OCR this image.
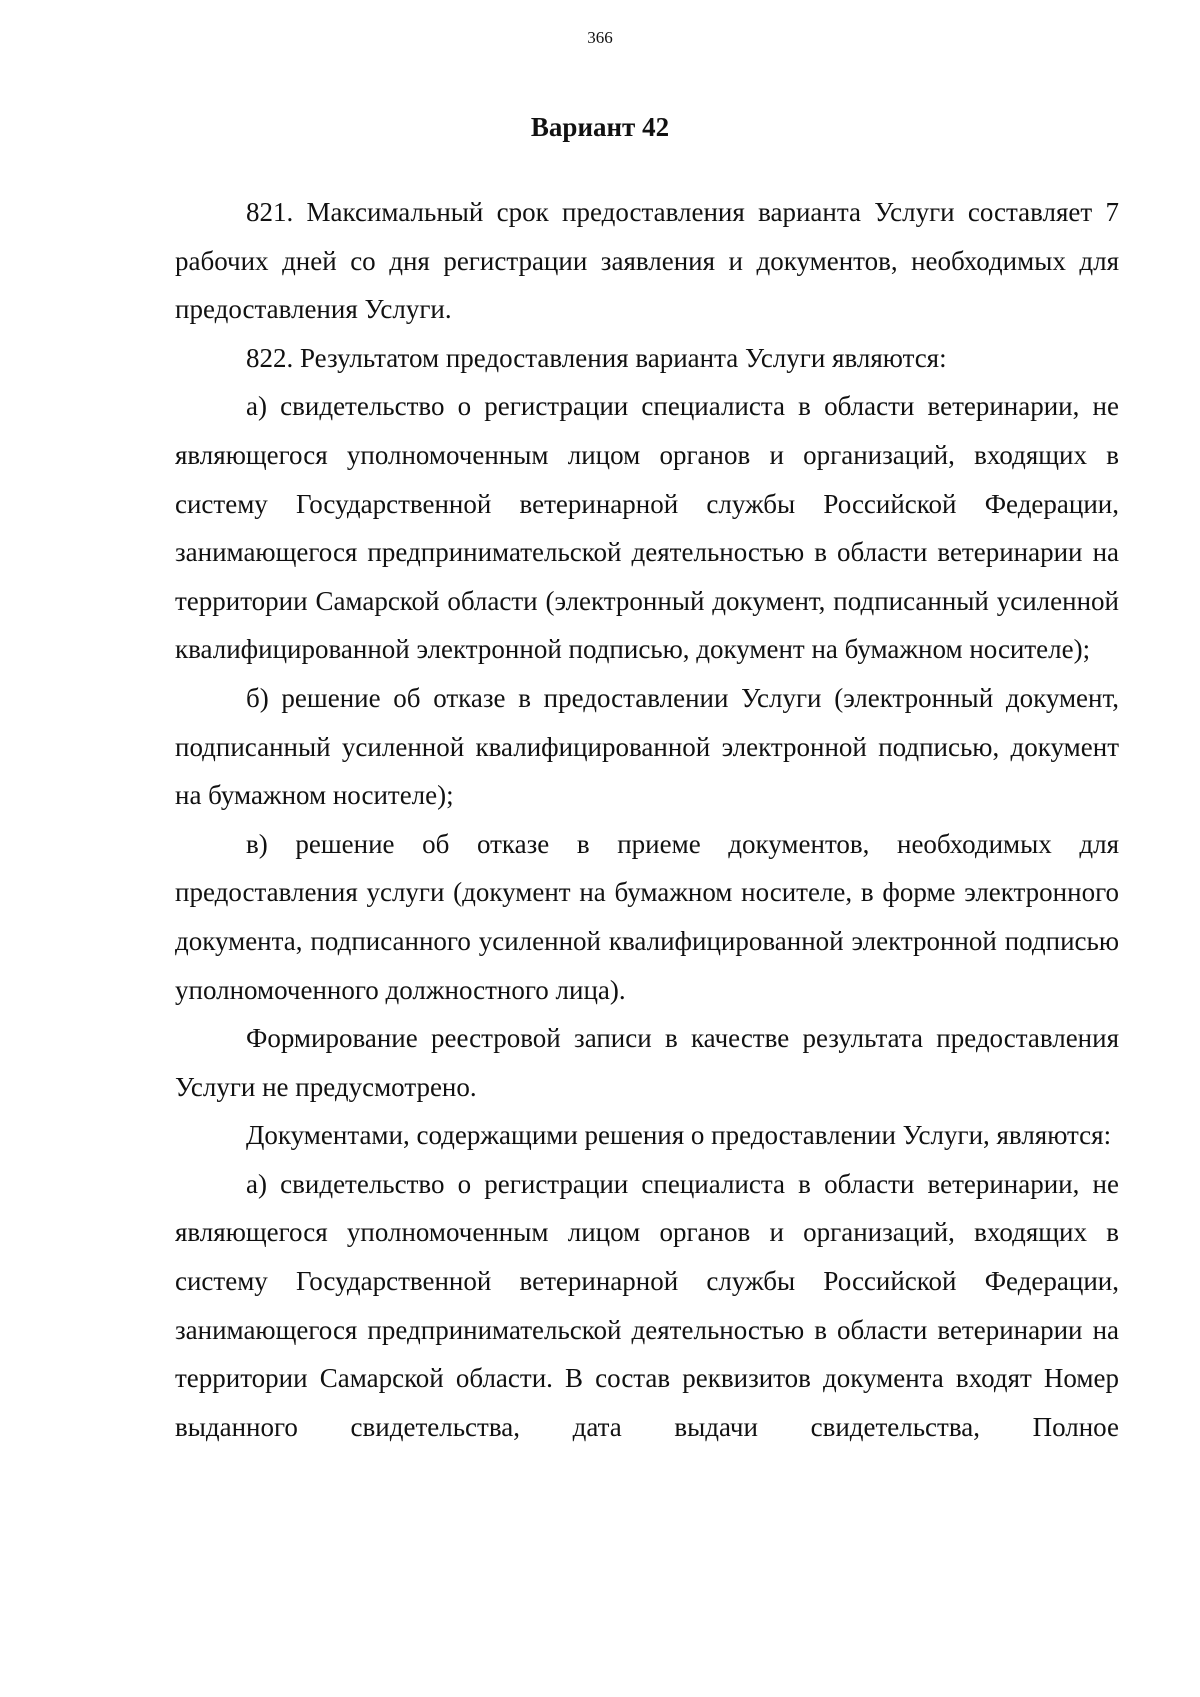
366
Вариант 42

821. Максимальный срок предоставления варианта Услуги составляет 7 рабочих дней со дня регистрации заявления и документов, необходимых для предоставления Услуги.

822. Результатом предоставления варианта Услуги являются:

а) свидетельство о регистрации специалиста в области ветеринарии, не являющегося уполномоченным лицом органов и организаций, входящих в систему Государственной ветеринарной службы Российской Федерации, занимающегося предпринимательской деятельностью в области ветеринарии на территории Самарской области (электронный документ, подписанный усиленной квалифицированной электронной подписью, документ на бумажном носителе);

б) решение об отказе в предоставлении Услуги (электронный документ, подписанный усиленной квалифицированной электронной подписью, документ на бумажном носителе);

в) решение об отказе в приеме документов, необходимых для предоставления услуги (документ на бумажном носителе, в форме электронного документа, подписанного усиленной квалифицированной электронной подписью уполномоченного должностного лица).

Формирование реестровой записи в качестве результата предоставления Услуги не предусмотрено.

Документами, содержащими решения о предоставлении Услуги, являются:

а) свидетельство о регистрации специалиста в области ветеринарии, не являющегося уполномоченным лицом органов и организаций, входящих в систему Государственной ветеринарной службы Российской Федерации, занимающегося предпринимательской деятельностью в области ветеринарии на территории Самарской области. В состав реквизитов документа входят Номер выданного свидетельства, дата выдачи свидетельства, Полное
